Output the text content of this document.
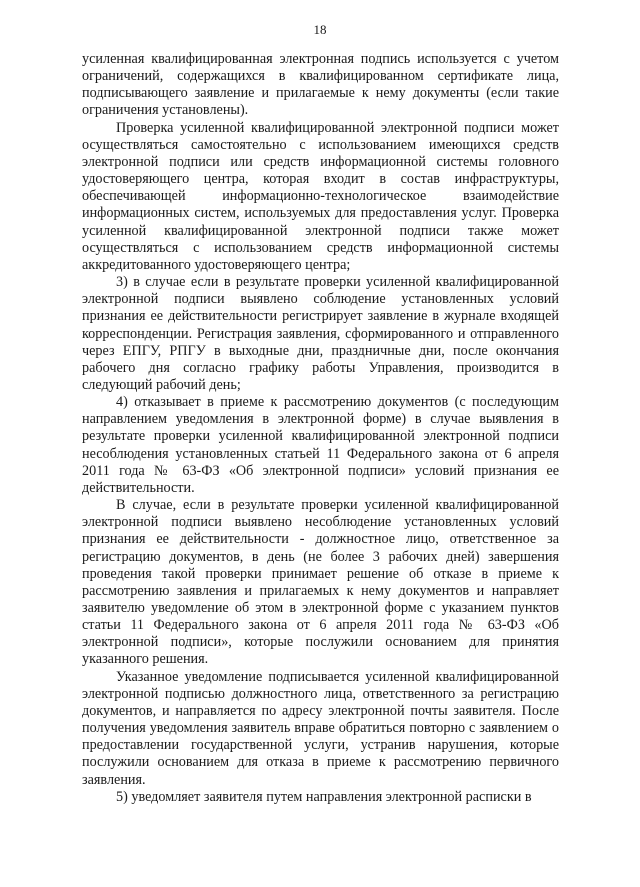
18

усиленная квалифицированная электронная подпись используется с учетом ограничений, содержащихся в квалифицированном сертификате лица, подписывающего заявление и прилагаемые к нему документы (если такие ограничения установлены).

Проверка усиленной квалифицированной электронной подписи может осуществляться самостоятельно с использованием имеющихся средств электронной подписи или средств информационной системы головного удостоверяющего центра, которая входит в состав инфраструктуры, обеспечивающей информационно-технологическое взаимодействие информационных систем, используемых для предоставления услуг. Проверка усиленной квалифицированной электронной подписи также может осуществляться с использованием средств информационной системы аккредитованного удостоверяющего центра;

3) в случае если в результате проверки усиленной квалифицированной электронной подписи выявлено соблюдение установленных условий признания ее действительности регистрирует заявление в журнале входящей корреспонденции. Регистрация заявления, сформированного и отправленного через ЕПГУ, РПГУ в выходные дни, праздничные дни, после окончания рабочего дня согласно графику работы Управления, производится в следующий рабочий день;

4) отказывает в приеме к рассмотрению документов (с последующим направлением уведомления в электронной форме) в случае выявления в результате проверки усиленной квалифицированной электронной подписи несоблюдения установленных статьей 11 Федерального закона от 6 апреля 2011 года № 63-ФЗ «Об электронной подписи» условий признания ее действительности.

В случае, если в результате проверки усиленной квалифицированной электронной подписи выявлено несоблюдение установленных условий признания ее действительности - должностное лицо, ответственное за регистрацию документов, в день (не более 3 рабочих дней) завершения проведения такой проверки принимает решение об отказе в приеме к рассмотрению заявления и прилагаемых к нему документов и направляет заявителю уведомление об этом в электронной форме с указанием пунктов статьи 11 Федерального закона от 6 апреля 2011 года № 63-ФЗ «Об электронной подписи», которые послужили основанием для принятия указанного решения.

Указанное уведомление подписывается усиленной квалифицированной электронной подписью должностного лица, ответственного за регистрацию документов, и направляется по адресу электронной почты заявителя. После получения уведомления заявитель вправе обратиться повторно с заявлением о предоставлении государственной услуги, устранив нарушения, которые послужили основанием для отказа в приеме к рассмотрению первичного заявления.

5) уведомляет заявителя путем направления электронной расписки в
